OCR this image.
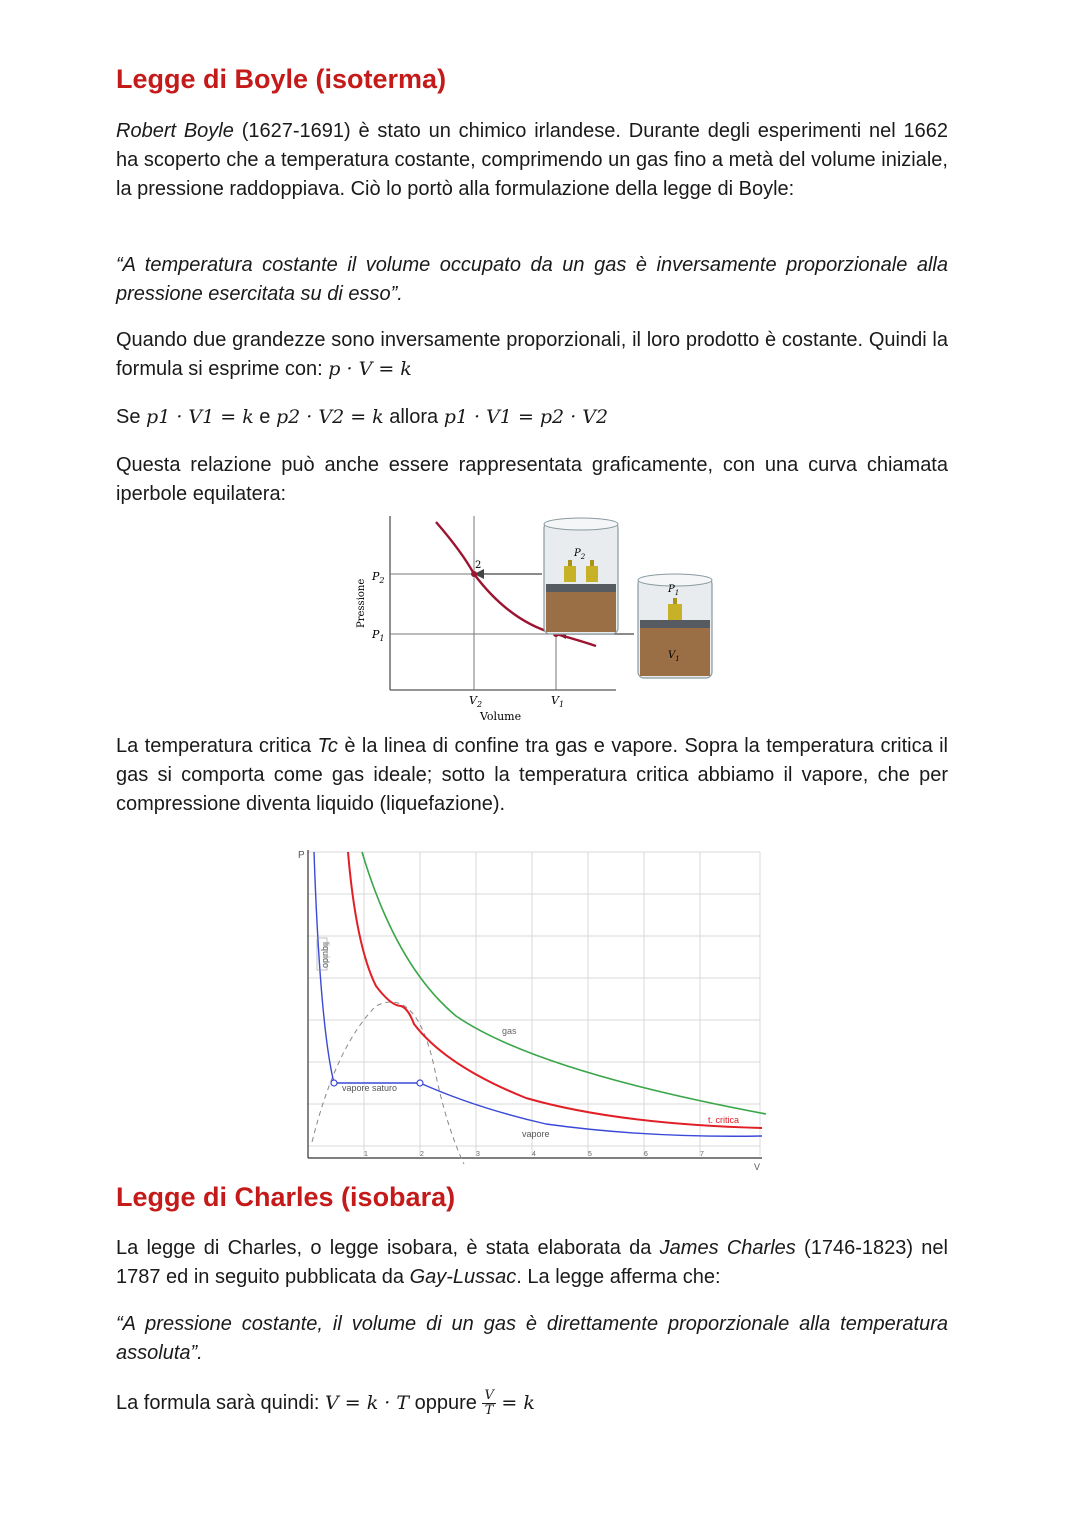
Legge di Boyle (isoterma)

Robert Boyle (1627-1691) è stato un chimico irlandese. Durante degli esperimenti nel 1662 ha scoperto che a temperatura costante, comprimendo un gas fino a metà del volume iniziale, la pressione raddoppiava. Ciò lo portò alla formulazione della legge di Boyle:

“A temperatura costante il volume occupato da un gas è inversamente proporzionale alla pressione esercitata su di esso”.

Quando due grandezze sono inversamente proporzionali, il loro prodotto è costante. Quindi la formula si esprime con: p · V = k

Se p1 · V1 = k e p2 · V2 = k allora p1 · V1 = p2 · V2

Questa relazione può anche essere rappresentata graficamente, con una curva chiamata iperbole equilatera:

2
Pressione
$P_2$
$P_1$
$V_2$	$V_1$
Volume
$P_2$
$P_1$
$V_1$

La temperatura critica Tc è la linea di confine tra gas e vapore. Sopra la temperatura critica il gas si comporta come gas ideale; sotto la temperatura critica abbiamo il vapore, che per compressione diventa liquido (liquefazione).

P
V
1	2	3	4	5	6	7
liquido
gas
vapore saturo
vapore
t. critica
Legge di Charles (isobara)

La legge di Charles, o legge isobara, è stata elaborata da James Charles (1746-1823) nel 1787 ed in seguito pubblicata da Gay-Lussac. La legge afferma che:

“A pressione costante, il volume di un gas è direttamente proporzionale alla temperatura assoluta”.

La formula sarà quindi: V = k · T oppure $\frac{V}{T} = k$
